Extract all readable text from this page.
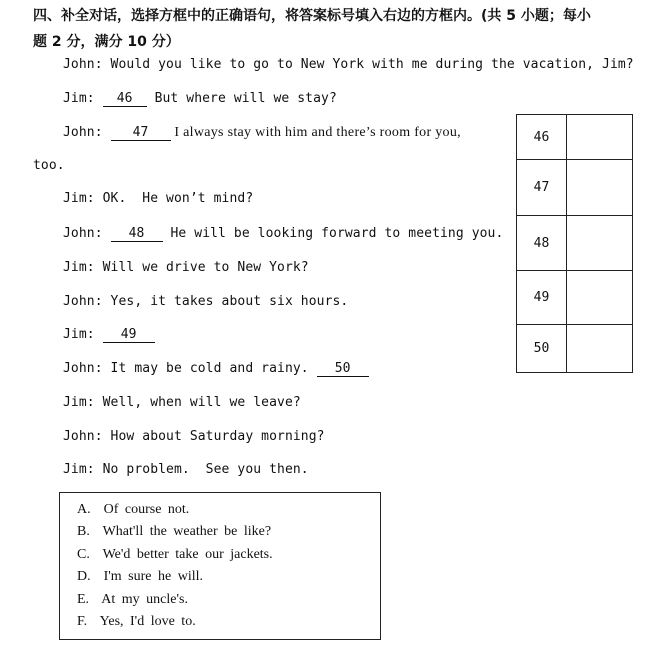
四、补全对话，选择方框中的正确语句，将答案标号填入右边的方框内。(共 5 小题；每小
题 2 分，满分 10 分）
John: Would you like to go to New York with me during the vacation, Jim?
Jim: 46 But where will we stay?
John: 47 I always stay with him and there’s room for you,
too.
Jim: OK.  He won’t mind?
John: 48 He will be looking forward to meeting you.
Jim: Will we drive to New York?
John: Yes, it takes about six hours.
Jim: 49
John: It may be cold and rainy. 50
Jim: Well, when will we leave?
John: How about Saturday morning?
Jim: No problem.  See you then.
46	
47	
48	
49	
50	
A.  Of course not.
B.  What'll the weather be like?
C.  We'd better take our jackets.
D.  I'm sure he will.
E.  At my uncle's.
F.  Yes, I'd love to.
